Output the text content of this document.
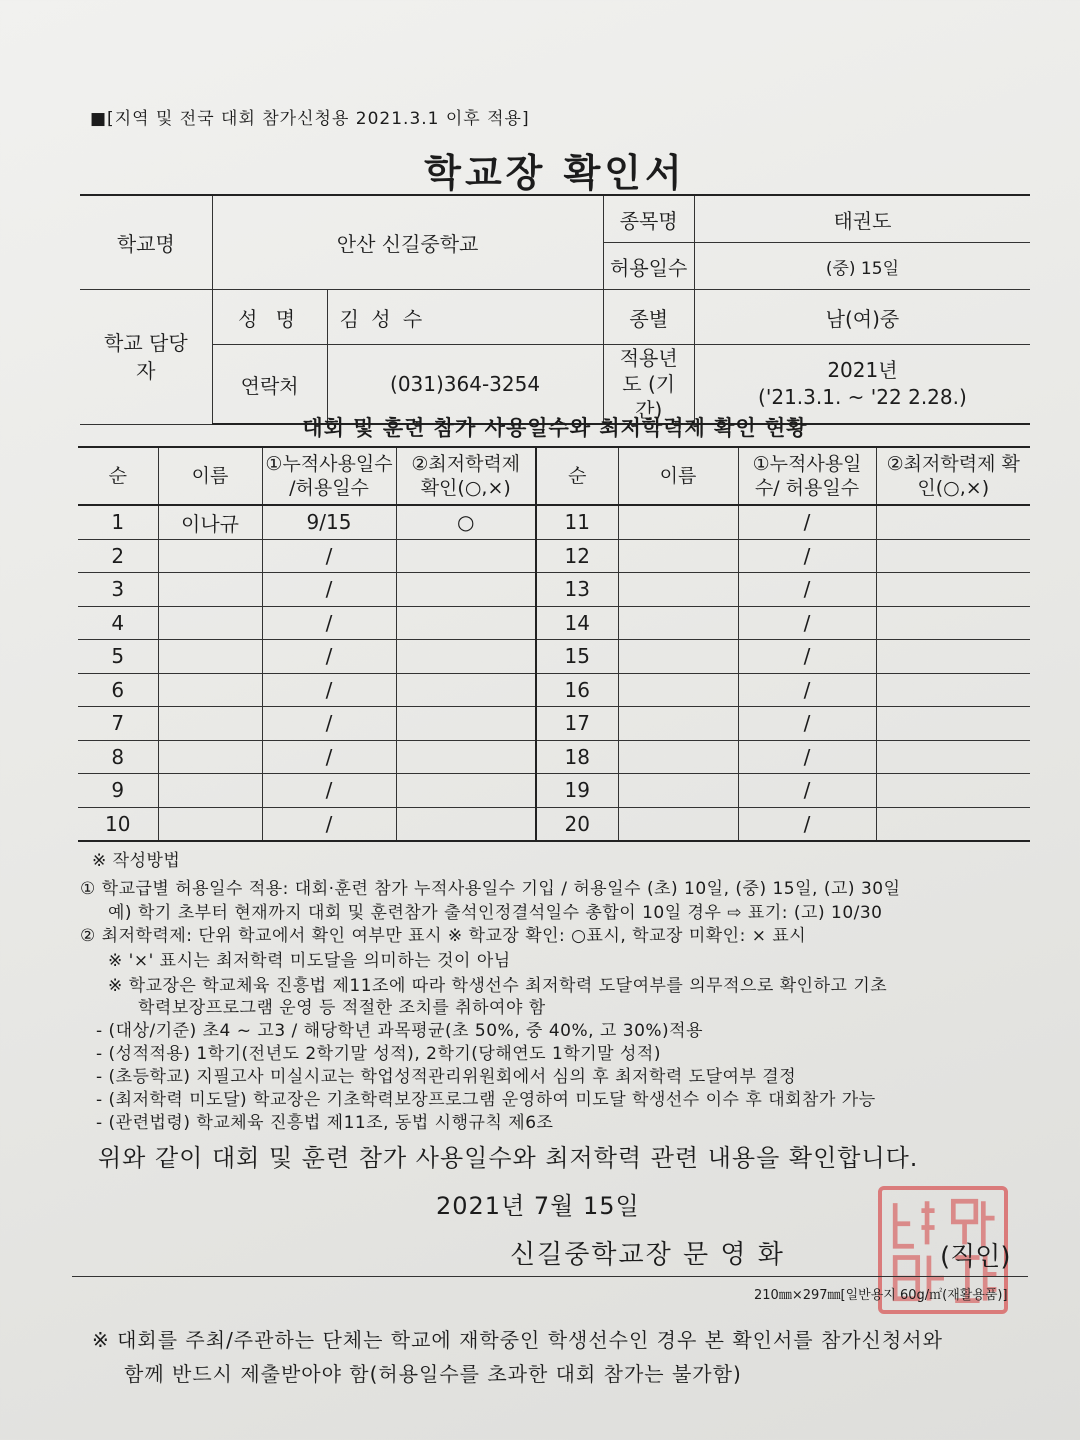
■[지역 및 전국 대회 참가신청용 2021.3.1 이후 적용]
학교장 확인서
학교명	안산 신길중학교		종목명	태권도
			허용일수	(중) 15일
학교 담당자	성 명	김 성 수	종별	남(여)중
	연락처	(031)364-3254	적용년도 (기간)	2021년
('21.3.1. ~ '22 2.28.)
대회 및 훈련 참가 사용일수와 최저학력제 확인 현황
순	이름	①누적사용일수 /허용일수	②최저학력제 확인(○,×)	순	이름	①누적사용일수/ 허용일수	②최저학력제 확인(○,×)
1	이나규	9/15	○	11		/	
2		/		12		/	
3		/		13		/	
4		/		14		/	
5		/		15		/	
6		/		16		/	
7		/		17		/	
8		/		18		/	
9		/		19		/	
10		/		20		/	
※ 작성방법
① 학교급별 허용일수 적용: 대회·훈련 참가 누적사용일수 기입 / 허용일수 (초) 10일, (중) 15일, (고) 30일
예) 학기 초부터 현재까지 대회 및 훈련참가 출석인정결석일수 총합이 10일 경우 ⇨ 표기: (고) 10/30
② 최저학력제: 단위 학교에서 확인 여부만 표시 ※ 학교장 확인: ○표시, 학교장 미확인: × 표시
※ '×' 표시는 최저학력 미도달을 의미하는 것이 아님
※ 학교장은 학교체육 진흥법 제11조에 따라 학생선수 최저학력 도달여부를 의무적으로 확인하고 기초
학력보장프로그램 운영 등 적절한 조치를 취하여야 함
- (대상/기준) 초4 ~ 고3 / 해당학년 과목평균(초 50%, 중 40%, 고 30%)적용
- (성적적용) 1학기(전년도 2학기말 성적), 2학기(당해연도 1학기말 성적)
- (초등학교) 지필고사 미실시교는 학업성적관리위원회에서 심의 후 최저학력 도달여부 결정
- (최저학력 미도달) 학교장은 기초학력보장프로그램 운영하여 미도달 학생선수 이수 후 대회참가 가능
- (관련법령) 학교체육 진흥법 제11조, 동법 시행규칙 제6조
위와 같이 대회 및 훈련 참가 사용일수와 최저학력 관련 내용을 확인합니다.
2021년 7월 15일
신길중학교장 문 영 화	(직인)
210㎜×297㎜[일반용지 60g/㎡(재활용품)]
※ 대회를 주최/주관하는 단체는 학교에 재학중인 학생선수인 경우 본 확인서를 참가신청서와
함께 반드시 제출받아야 함(허용일수를 초과한 대회 참가는 불가함)
